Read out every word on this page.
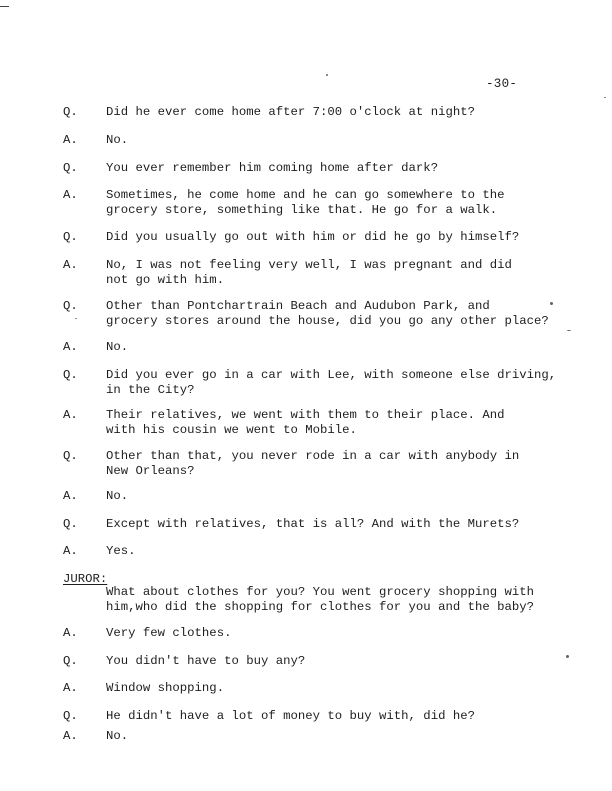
-30-
Q. Did he ever come home after 7:00 o'clock at night?
A. No.
Q. You ever remember him coming home after dark?
A. Sometimes, he come home and he can go somewhere to the
grocery store, something like that. He go for a walk.
Q. Did you usually go out with him or did he go by himself?
A. No, I was not feeling very well, I was pregnant and did
not go with him.
Q. Other than Pontchartrain Beach and Audubon Park, and
grocery stores around the house, did you go any other place?
A. No.
Q. Did you ever go in a car with Lee, with someone else driving,
in the City?
A. Their relatives, we went with them to their place. And
with his cousin we went to Mobile.
Q. Other than that, you never rode in a car with anybody in
New Orleans?
A. No.
Q. Except with relatives, that is all? And with the Murets?
A. Yes.
JUROR:
What about clothes for you? You went grocery shopping with
him,who did the shopping for clothes for you and the baby?
A. Very few clothes.
Q. You didn't have to buy any?
A. Window shopping.
Q. He didn't have a lot of money to buy with, did he?
A. No.
